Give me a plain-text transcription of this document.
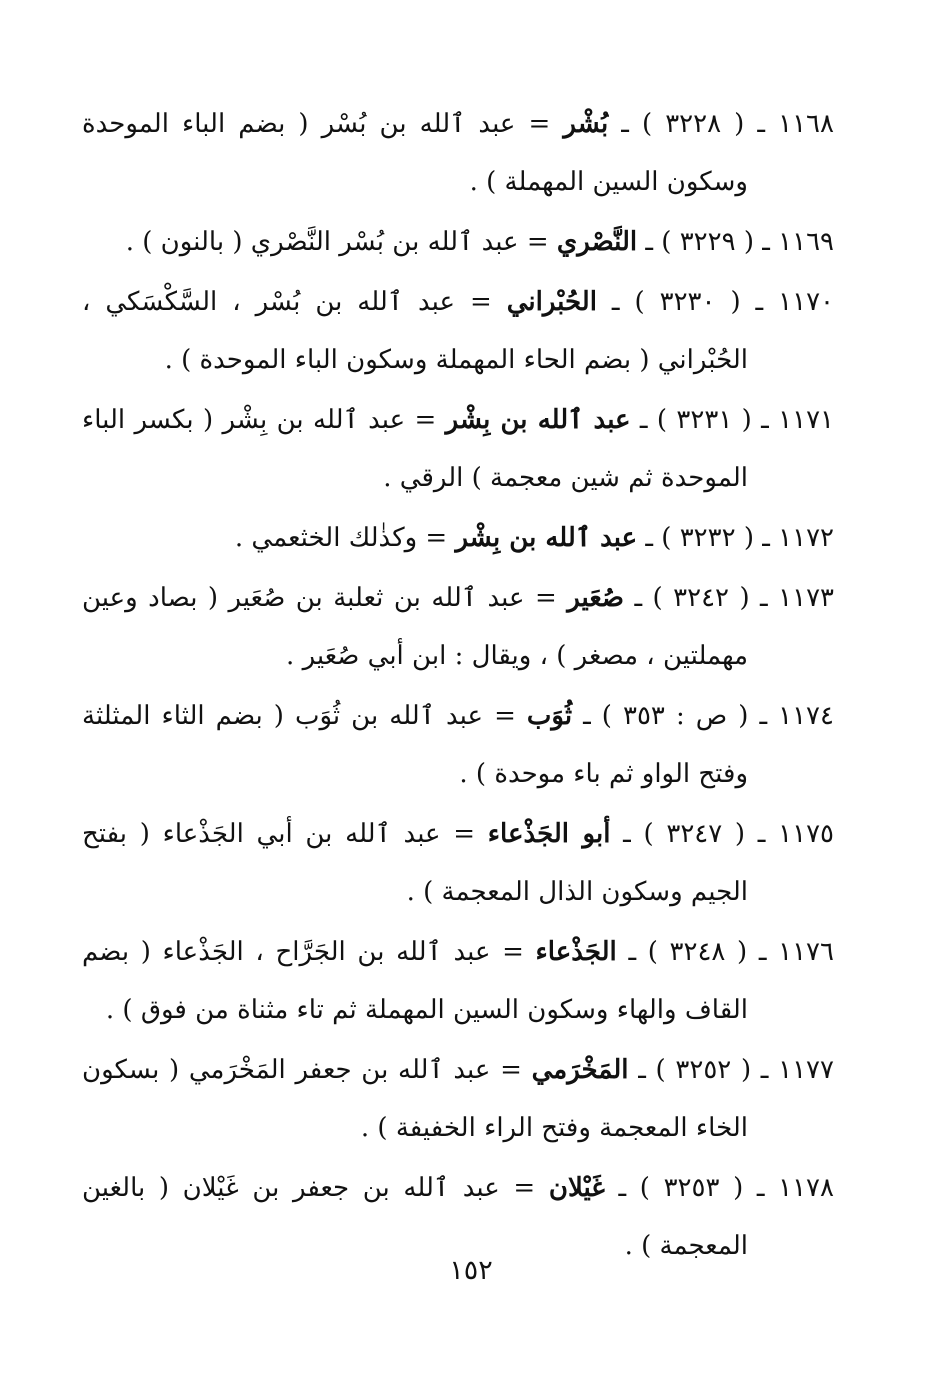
١١٦٨ ـ ( ٣٢٢٨ ) ـ بُشْر = عبد ٱلله بن بُسْر ( بضم الباء الموحدة
وسكون السين المهملة ) .
١١٦٩ ـ ( ٣٢٢٩ ) ـ النَّصْري = عبد ٱلله بن بُسْر النَّصْري ( بالنون ) .
١١٧٠ ـ ( ٣٢٣٠ ) ـ الحُبْراني = عبد ٱلله بن بُسْر ، السَّكْسَكي ،
الحُبْراني ( بضم الحاء المهملة وسكون الباء الموحدة ) .
١١٧١ ـ ( ٣٢٣١ ) ـ عبد ٱلله بن بِشْر = عبد ٱلله بن بِشْر ( بكسر الباء
الموحدة ثم شين معجمة ) الرقي .
١١٧٢ ـ ( ٣٢٣٢ ) ـ عبد ٱلله بن بِشْر = وكذٰلك الخثعمي .
١١٧٣ ـ ( ٣٢٤٢ ) ـ صُعَير = عبد ٱلله بن ثعلبة بن صُعَير ( بصاد وعين
مهملتين ، مصغر ) ، ويقال : ابن أبي صُعَير .
١١٧٤ ـ ( ص : ٣٥٣ ) ـ ثُوَب = عبد ٱلله بن ثُوَب ( بضم الثاء المثلثة
وفتح الواو ثم باء موحدة ) .
١١٧٥ ـ ( ٣٢٤٧ ) ـ أبو الجَذْعاء = عبد ٱلله بن أبي الجَذْعاء ( بفتح
الجيم وسكون الذال المعجمة ) .
١١٧٦ ـ ( ٣٢٤٨ ) ـ الجَذْعاء = عبد ٱلله بن الجَرَّاح ، الجَذْعاء ( بضم
القاف والهاء وسكون السين المهملة ثم تاء مثناة من فوق ) .
١١٧٧ ـ ( ٣٢٥٢ ) ـ المَخْرَمي = عبد ٱلله بن جعفر المَخْرَمي ( بسكون
الخاء المعجمة وفتح الراء الخفيفة ) .
١١٧٨ ـ ( ٣٢٥٣ ) ـ غَيْلان = عبد ٱلله بن جعفر بن غَيْلان ( بالغين
المعجمة ) .
١٥٢
